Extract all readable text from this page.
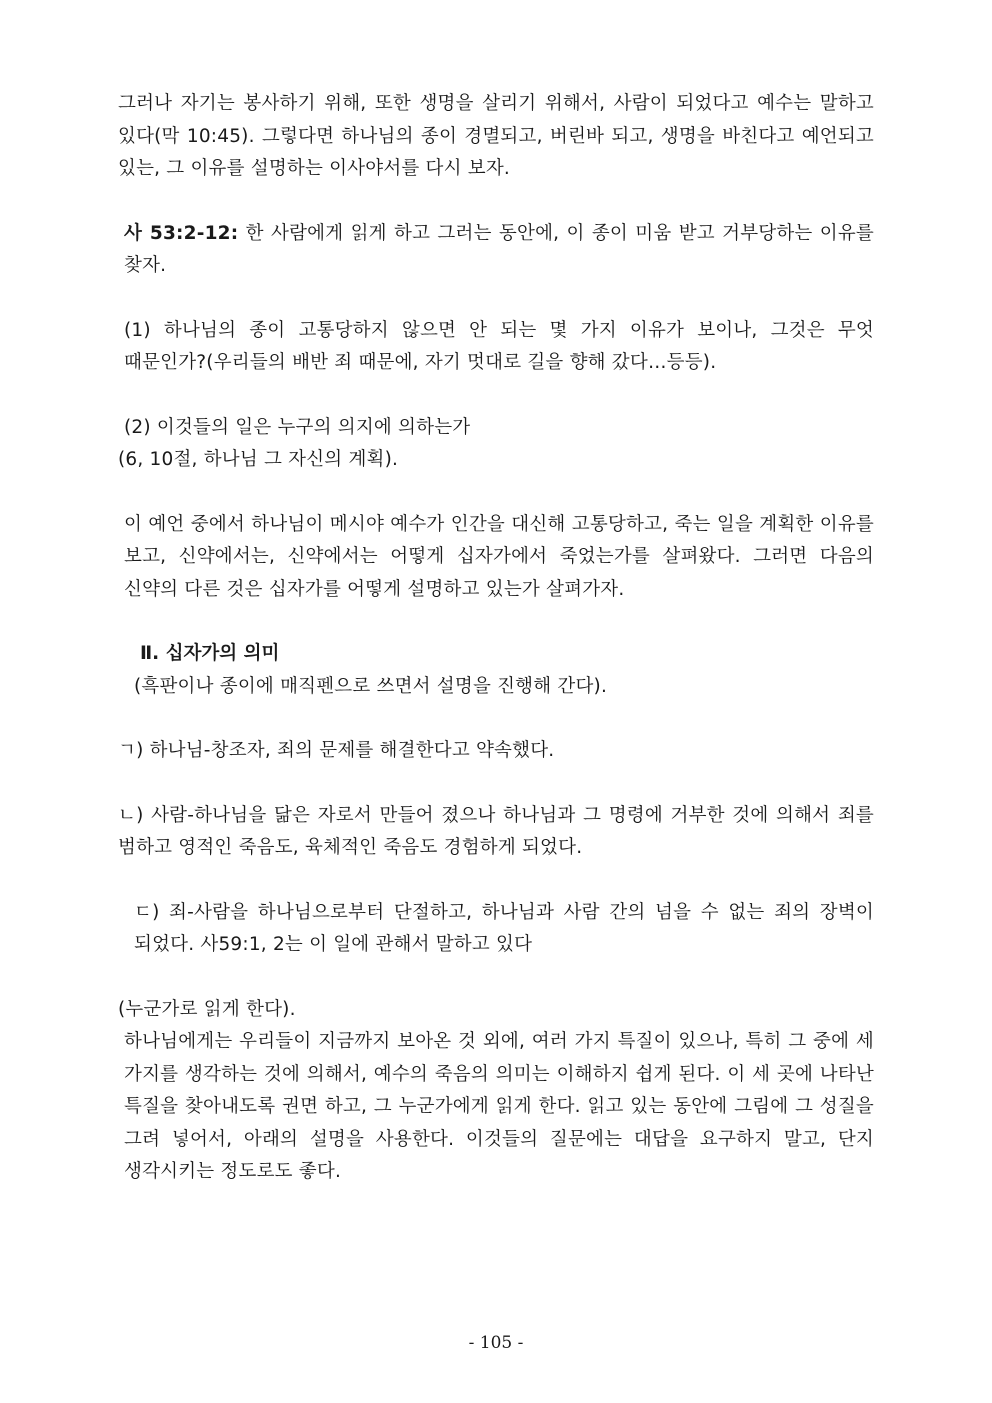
그러나 자기는 봉사하기 위해, 또한 생명을 살리기 위해서, 사람이 되었다고 예수는 말하고 있다(막 10:45). 그렇다면 하나님의 종이 경멸되고, 버린바 되고, 생명을 바친다고 예언되고 있는, 그 이유를 설명하는 이사야서를 다시 보자.

사 53:2-12: 한 사람에게 읽게 하고 그러는 동안에, 이 종이 미움 받고 거부당하는 이유를 찾자.

(1) 하나님의 종이 고통당하지 않으면 안 되는 몇 가지 이유가 보이나, 그것은 무엇 때문인가?(우리들의 배반 죄 때문에, 자기 멋대로 길을 향해 갔다…등등).

(2) 이것들의 일은 누구의 의지에 의하는가

(6, 10절, 하나님 그 자신의 계획).

이 예언 중에서 하나님이 메시야 예수가 인간을 대신해 고통당하고, 죽는 일을 계획한 이유를 보고, 신약에서는, 신약에서는 어떻게 십자가에서 죽었는가를 살펴왔다. 그러면 다음의 신약의 다른 것은 십자가를 어떻게 설명하고 있는가 살펴가자.

Ⅱ. 십자가의 의미

(흑판이나 종이에 매직펜으로 쓰면서 설명을 진행해 간다).

ㄱ) 하나님-창조자, 죄의 문제를 해결한다고 약속했다.

ㄴ) 사람-하나님을 닮은 자로서 만들어 졌으나 하나님과 그 명령에 거부한 것에 의해서 죄를 범하고 영적인 죽음도, 육체적인 죽음도 경험하게 되었다.

ㄷ) 죄-사람을 하나님으로부터 단절하고, 하나님과 사람 간의 넘을 수 없는 죄의 장벽이 되었다. 사59:1, 2는 이 일에 관해서 말하고 있다

(누군가로 읽게 한다).

하나님에게는 우리들이 지금까지 보아온 것 외에, 여러 가지 특질이 있으나, 특히 그 중에 세 가지를 생각하는 것에 의해서, 예수의 죽음의 의미는 이해하지 쉽게 된다. 이 세 곳에 나타난 특질을 찾아내도록 권면 하고, 그 누군가에게 읽게 한다. 읽고 있는 동안에 그림에 그 성질을 그려 넣어서, 아래의 설명을 사용한다. 이것들의 질문에는 대답을 요구하지 말고, 단지 생각시키는 정도로도 좋다.

- 105 -
